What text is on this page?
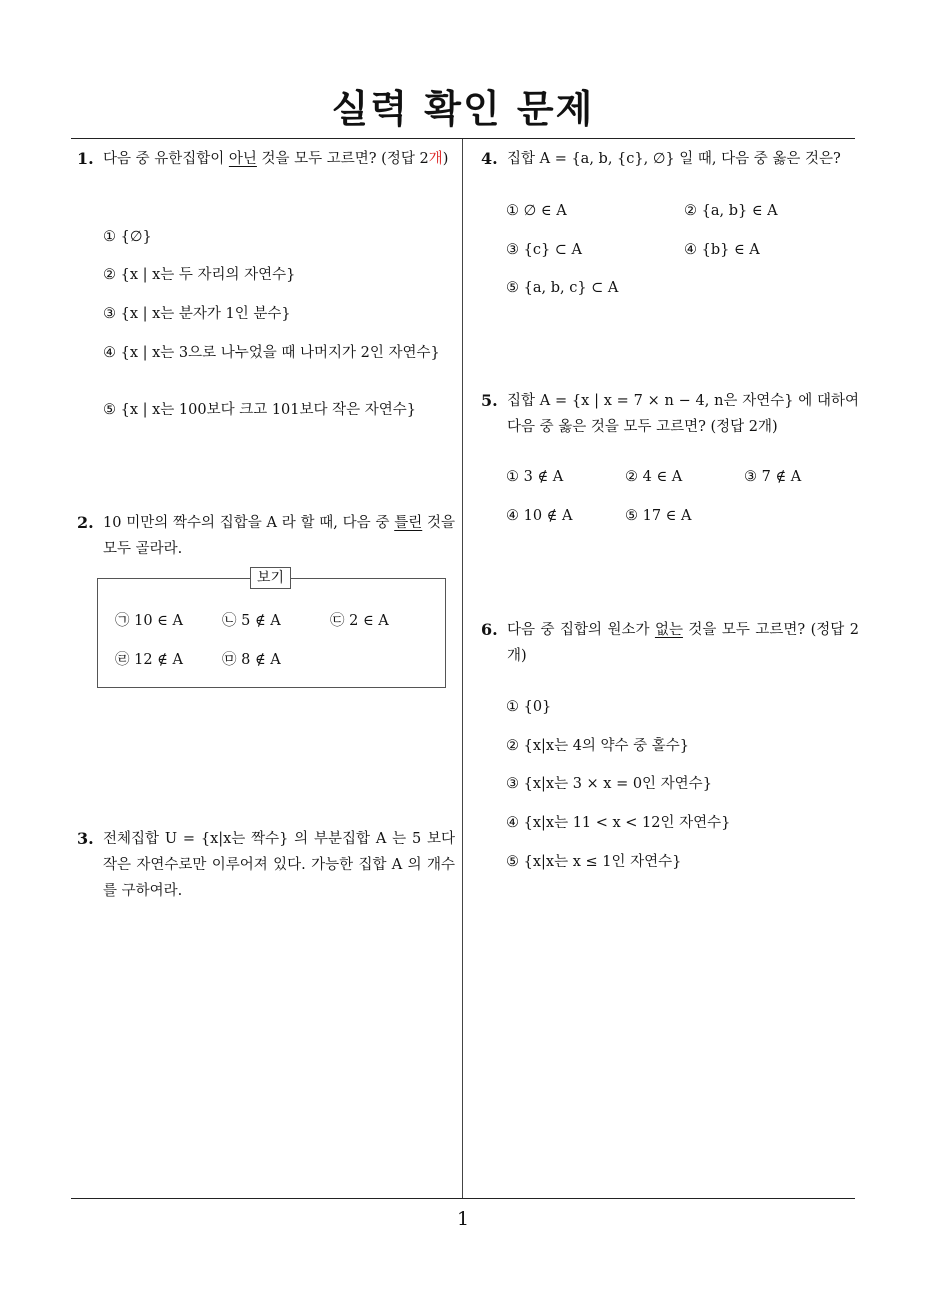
실력 확인 문제
1. 다음 중 유한집합이 아닌 것을 모두 고르면? (정답 2개)
① {∅}
② {x | x는 두 자리의 자연수}
③ {x | x는 분자가 1인 분수}
④ {x | x는 3으로 나누었을 때 나머지가 2인 자연수}
⑤ {x | x는 100보다 크고 101보다 작은 자연수}
2. 10 미만의 짝수의 집합을 A 라 할 때, 다음 중 틀린 것을 모두 골라라.
보기
㉠ 10 ∈ A	㉡ 5 ∉ A	㉢ 2 ∈ A
㉣ 12 ∉ A	㉤ 8 ∉ A
3. 전체집합 U = {x|x는 짝수} 의 부분집합 A 는 5 보다 작은 자연수로만 이루어져 있다. 가능한 집합 A 의 개수를 구하여라.
4. 집합 A = {a, b, {c}, ∅} 일 때, 다음 중 옳은 것은?
① ∅ ∈ A	② {a, b} ∈ A
③ {c} ⊂ A	④ {b} ∈ A
⑤ {a, b, c} ⊂ A
5. 집합 A = {x | x = 7 × n − 4, n은 자연수} 에 대하여 다음 중 옳은 것을 모두 고르면? (정답 2개)
① 3 ∉ A	② 4 ∈ A	③ 7 ∉ A
④ 10 ∉ A	⑤ 17 ∈ A
6. 다음 중 집합의 원소가 없는 것을 모두 고르면? (정답 2개)
① {0}
② {x|x는 4의 약수 중 홀수}
③ {x|x는 3 × x = 0인 자연수}
④ {x|x는 11 < x < 12인 자연수}
⑤ {x|x는 x ≤ 1인 자연수}
1
